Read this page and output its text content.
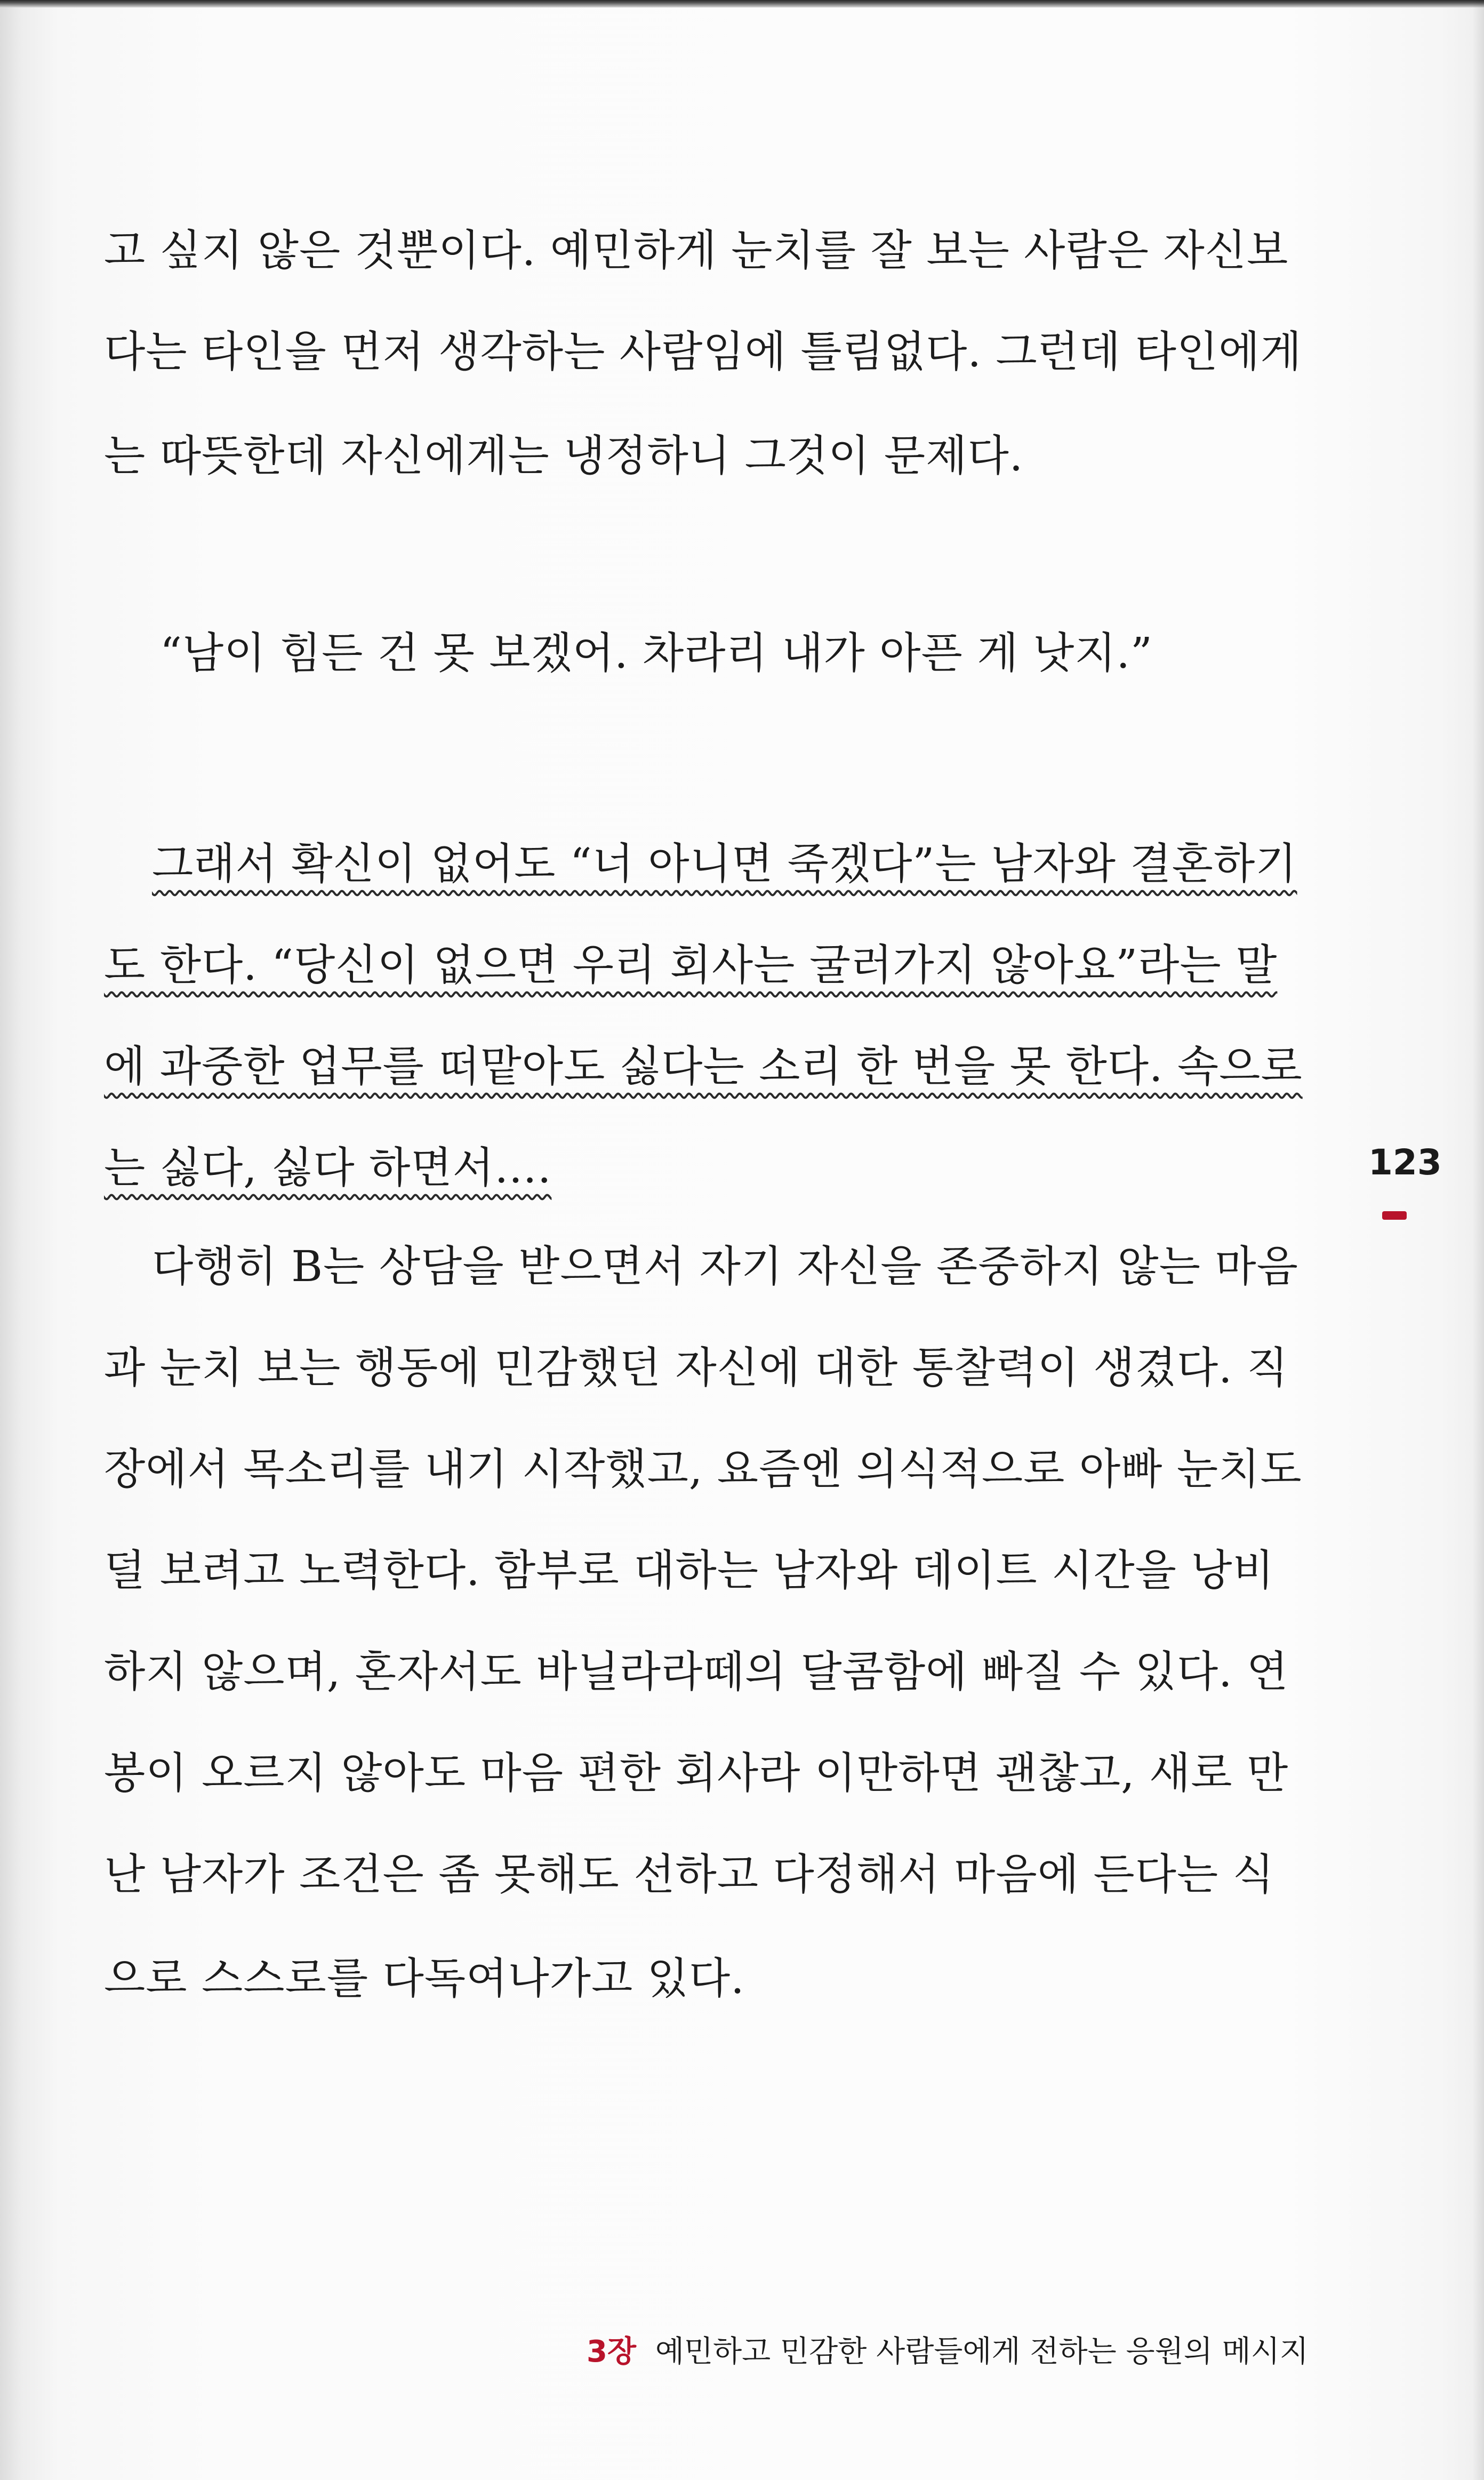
고 싶지 않은 것뿐이다. 예민하게 눈치를 잘 보는 사람은 자신보
다는 타인을 먼저 생각하는 사람임에 틀림없다. 그런데 타인에게
는 따뜻한데 자신에게는 냉정하니 그것이 문제다.
“남이 힘든 건 못 보겠어. 차라리 내가 아픈 게 낫지.”
그래서 확신이 없어도 “너 아니면 죽겠다”는 남자와 결혼하기
도 한다. “당신이 없으면 우리 회사는 굴러가지 않아요”라는 말
에 과중한 업무를 떠맡아도 싫다는 소리 한 번을 못 한다. 속으로
는 싫다, 싫다 하면서….
다행히 B는 상담을 받으면서 자기 자신을 존중하지 않는 마음
과 눈치 보는 행동에 민감했던 자신에 대한 통찰력이 생겼다. 직
장에서 목소리를 내기 시작했고, 요즘엔 의식적으로 아빠 눈치도
덜 보려고 노력한다. 함부로 대하는 남자와 데이트 시간을 낭비
하지 않으며, 혼자서도 바닐라라떼의 달콤함에 빠질 수 있다. 연
봉이 오르지 않아도 마음 편한 회사라 이만하면 괜찮고, 새로 만
난 남자가 조건은 좀 못해도 선하고 다정해서 마음에 든다는 식
으로 스스로를 다독여나가고 있다.
123
3장 예민하고 민감한 사람들에게 전하는 응원의 메시지
